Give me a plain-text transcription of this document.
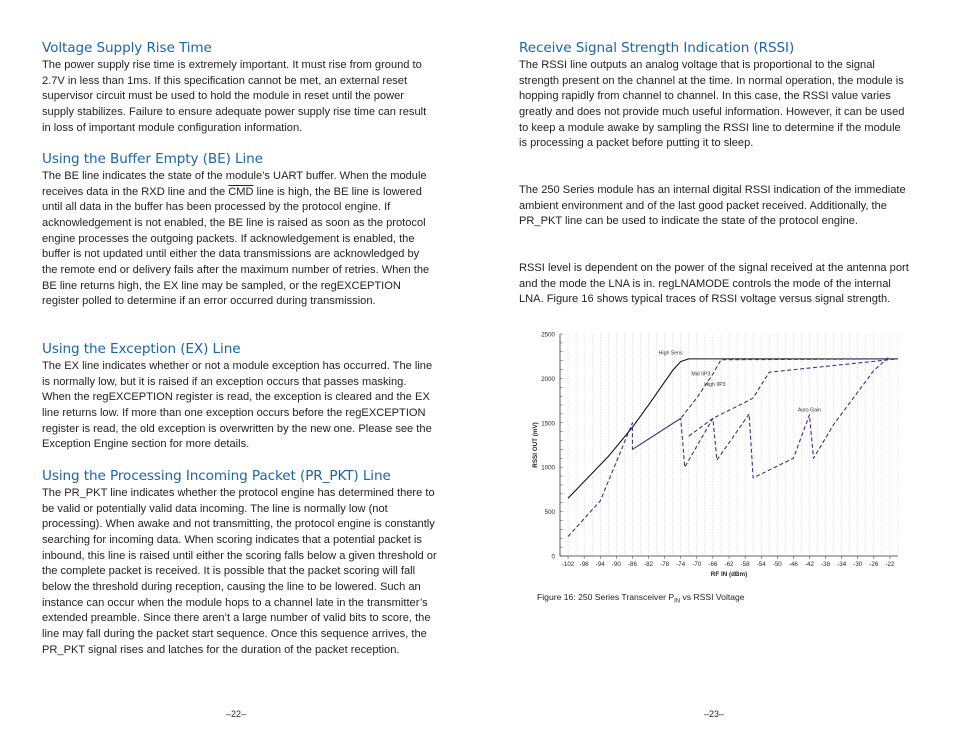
Voltage Supply Rise Time

The power supply rise time is extremely important. It must rise from ground to 2.7V in less than 1ms. If this specification cannot be met, an external reset supervisor circuit must be used to hold the module in reset until the power supply stabilizes. Failure to ensure adequate power supply rise time can result in loss of important module configuration information.

Using the Buffer Empty (BE) Line

The BE line indicates the state of the module’s UART buffer. When the module receives data in the RXD line and the $\overline{CMD}$ line is high, the BE line is lowered until all data in the buffer has been processed by the protocol engine. If acknowledgement is not enabled, the BE line is raised as soon as the protocol engine processes the outgoing packets. If acknowledgement is enabled, the buffer is not updated until either the data transmissions are acknowledged by the remote end or delivery fails after the maximum number of retries. When the BE line returns high, the EX line may be sampled, or the regEXCEPTION register polled to determine if an error occurred during transmission.

Using the Exception (EX) Line

The EX line indicates whether or not a module exception has occurred. The line is normally low, but it is raised if an exception occurs that passes masking. When the regEXCEPTION register is read, the exception is cleared and the EX line returns low. If more than one exception occurs before the regEXCEPTION register is read, the old exception is overwritten by the new one. Please see the Exception Engine section for more details.

Using the Processing Incoming Packet (PR_PKT) Line

The PR_PKT line indicates whether the protocol engine has determined there to be valid or potentially valid data incoming. The line is normally low (not processing). When awake and not transmitting, the protocol engine is constantly searching for incoming data. When scoring indicates that a potential packet is inbound, this line is raised until either the scoring falls below a given threshold or the complete packet is received. It is possible that the packet scoring will fall below the threshold during reception, causing the line to be lowered. Such an instance can occur when the module hops to a channel late in the transmitter’s extended preamble. Since there aren’t a large number of valid bits to score, the line may fall during the packet start sequence. Once this sequence arrives, the PR_PKT signal rises and latches for the duration of the packet reception.

–22–
Receive Signal Strength Indication (RSSI)

The RSSI line outputs an analog voltage that is proportional to the signal strength present on the channel at the time. In normal operation, the module is hopping rapidly from channel to channel. In this case, the RSSI value varies greatly and does not provide much useful information. However, it can be used to keep a module awake by sampling the RSSI line to determine if the module is processing a packet before putting it to sleep.

The 250 Series module has an internal digital RSSI indication of the immediate ambient environment and of the last good packet received. Additionally, the PR_PKT line can be used to indicate the state of the protocol engine.

RSSI level is dependent on the power of the signal received at the antenna port and the mode the LNA is in. regLNAMODE controls the mode of the internal LNA. Figure 16 shows typical traces of RSSI voltage versus signal strength.

0
500
1000
1500
2000
2500
-102 -98 -94 -90 -86 -82 -78 -74 -70 -66 -62 -58 -54 -50 -46 -42 -38 -34 -30 -26 -22
RF IN (dBm)
RSSI OUT (mV)
High Sens
Mid IIP3
High IIP3
Auto Gain
Figure 16: 250 Series Transceiver $P_{IN}$ vs RSSI Voltage
–23–
